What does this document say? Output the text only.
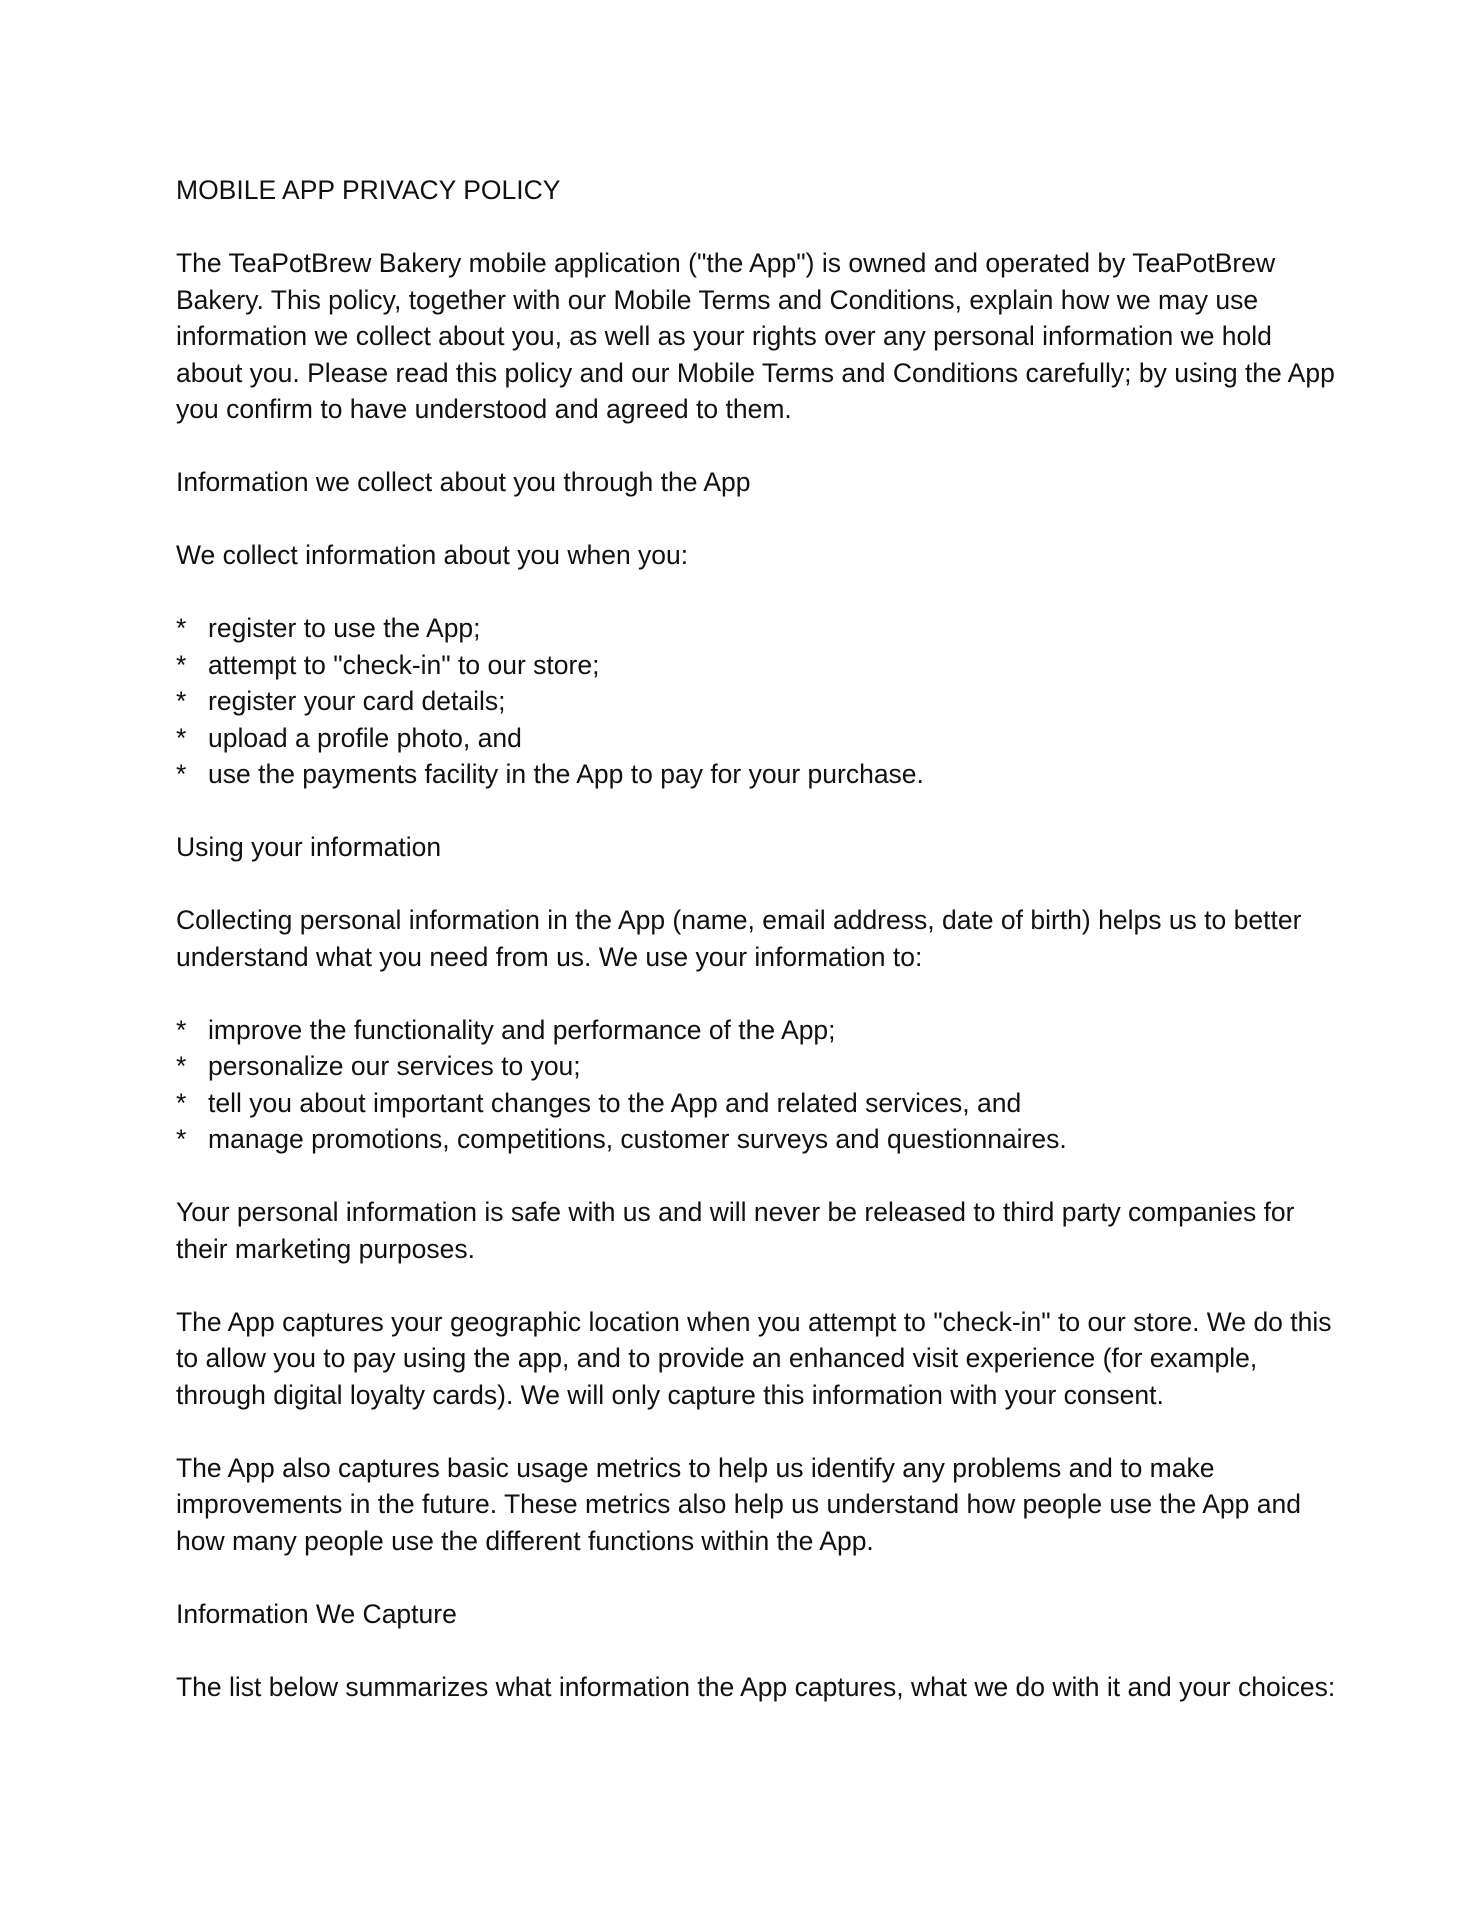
MOBILE APP PRIVACY POLICY

The TeaPotBrew Bakery mobile application ("the App") is owned and operated by TeaPotBrew Bakery. This policy, together with our Mobile Terms and Conditions, explain how we may use information we collect about you, as well as your rights over any personal information we hold about you. Please read this policy and our Mobile Terms and Conditions carefully; by using the App you confirm to have understood and agreed to them.

Information we collect about you through the App

We collect information about you when you:

* register to use the App;
* attempt to "check-in" to our store;
* register your card details;
* upload a profile photo, and
* use the payments facility in the App to pay for your purchase.

Using your information

Collecting personal information in the App (name, email address, date of birth) helps us to better understand what you need from us. We use your information to:

* improve the functionality and performance of the App;
* personalize our services to you;
* tell you about important changes to the App and related services, and
* manage promotions, competitions, customer surveys and questionnaires.

Your personal information is safe with us and will never be released to third party companies for their marketing purposes.

The App captures your geographic location when you attempt to "check-in" to our store. We do this to allow you to pay using the app, and to provide an enhanced visit experience (for example, through digital loyalty cards). We will only capture this information with your consent.

The App also captures basic usage metrics to help us identify any problems and to make improvements in the future. These metrics also help us understand how people use the App and how many people use the different functions within the App.

Information We Capture

The list below summarizes what information the App captures, what we do with it and your choices:
